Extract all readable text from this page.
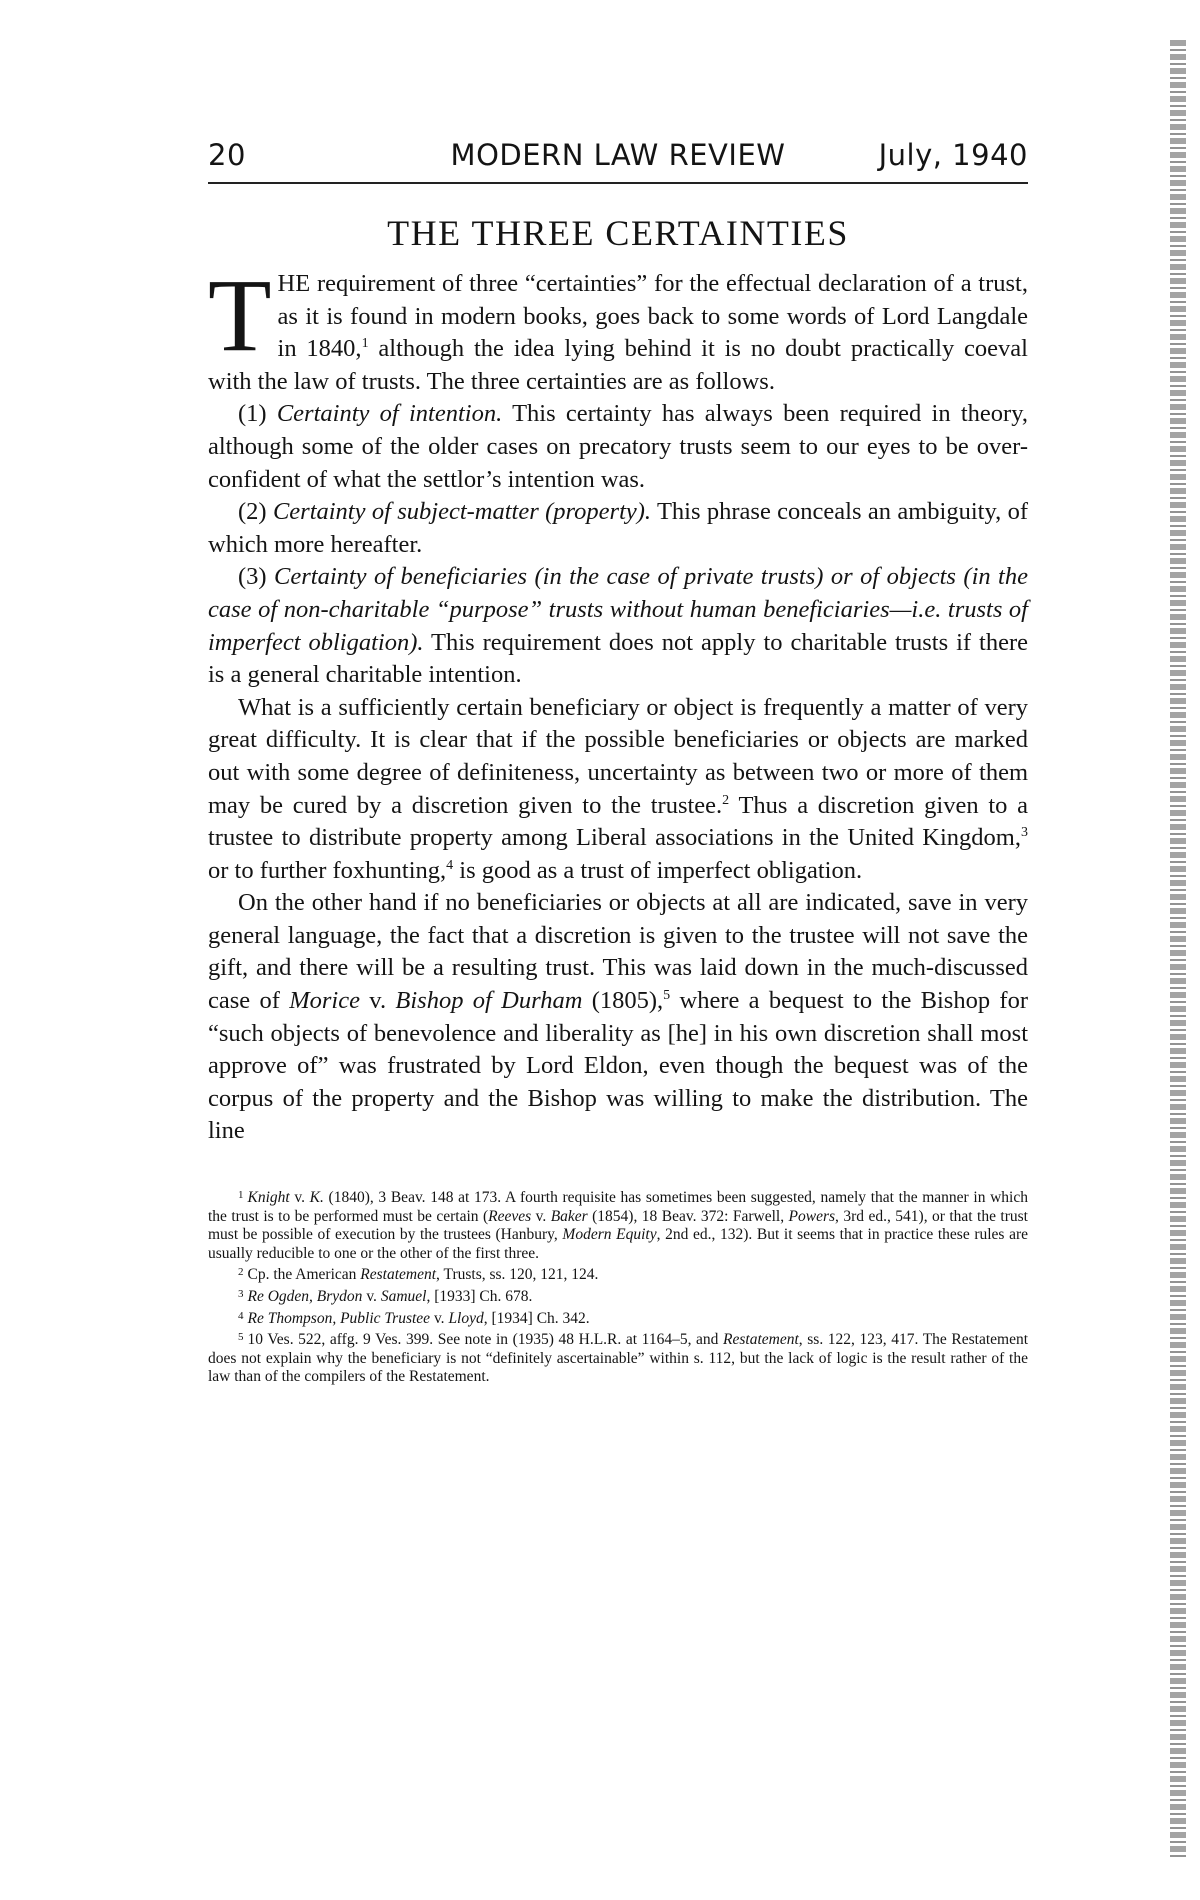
20	MODERN LAW REVIEW	July, 1940
THE THREE CERTAINTIES

THE requirement of three “certainties” for the effectual declaration of a trust, as it is found in modern books, goes back to some words of Lord Langdale in 1840,$^1$ although the idea lying behind it is no doubt practically coeval with the law of trusts. The three certainties are as follows.

(1) Certainty of intention. This certainty has always been required in theory, although some of the older cases on precatory trusts seem to our eyes to be over-confident of what the settlor’s intention was.

(2) Certainty of subject-matter (property). This phrase conceals an ambiguity, of which more hereafter.

(3) Certainty of beneficiaries (in the case of private trusts) or of objects (in the case of non-charitable “purpose” trusts without human beneficiaries—i.e. trusts of imperfect obligation). This requirement does not apply to charitable trusts if there is a general charitable intention.

What is a sufficiently certain beneficiary or object is frequently a matter of very great difficulty. It is clear that if the possible beneficiaries or objects are marked out with some degree of definiteness, uncertainty as between two or more of them may be cured by a discretion given to the trustee.$^2$ Thus a discretion given to a trustee to distribute property among Liberal associations in the United Kingdom,$^3$ or to further foxhunting,$^4$ is good as a trust of imperfect obligation.

On the other hand if no beneficiaries or objects at all are indicated, save in very general language, the fact that a discretion is given to the trustee will not save the gift, and there will be a resulting trust. This was laid down in the much-discussed case of Morice v. Bishop of Durham (1805),$^5$ where a bequest to the Bishop for “such objects of benevolence and liberality as [he] in his own discretion shall most approve of” was frustrated by Lord Eldon, even though the bequest was of the corpus of the property and the Bishop was willing to make the distribution. The line

$^1$ Knight v. K. (1840), 3 Beav. 148 at 173. A fourth requisite has sometimes been suggested, namely that the manner in which the trust is to be performed must be certain (Reeves v. Baker (1854), 18 Beav. 372: Farwell, Powers, 3rd ed., 541), or that the trust must be possible of execution by the trustees (Hanbury, Modern Equity, 2nd ed., 132). But it seems that in practice these rules are usually reducible to one or the other of the first three.

$^2$ Cp. the American Restatement, Trusts, ss. 120, 121, 124.

$^3$ Re Ogden, Brydon v. Samuel, [1933] Ch. 678.

$^4$ Re Thompson, Public Trustee v. Lloyd, [1934] Ch. 342.

$^5$ 10 Ves. 522, affg. 9 Ves. 399. See note in (1935) 48 H.L.R. at 1164–5, and Restatement, ss. 122, 123, 417. The Restatement does not explain why the beneficiary is not “definitely ascertainable” within s. 112, but the lack of logic is the result rather of the law than of the compilers of the Restatement.
